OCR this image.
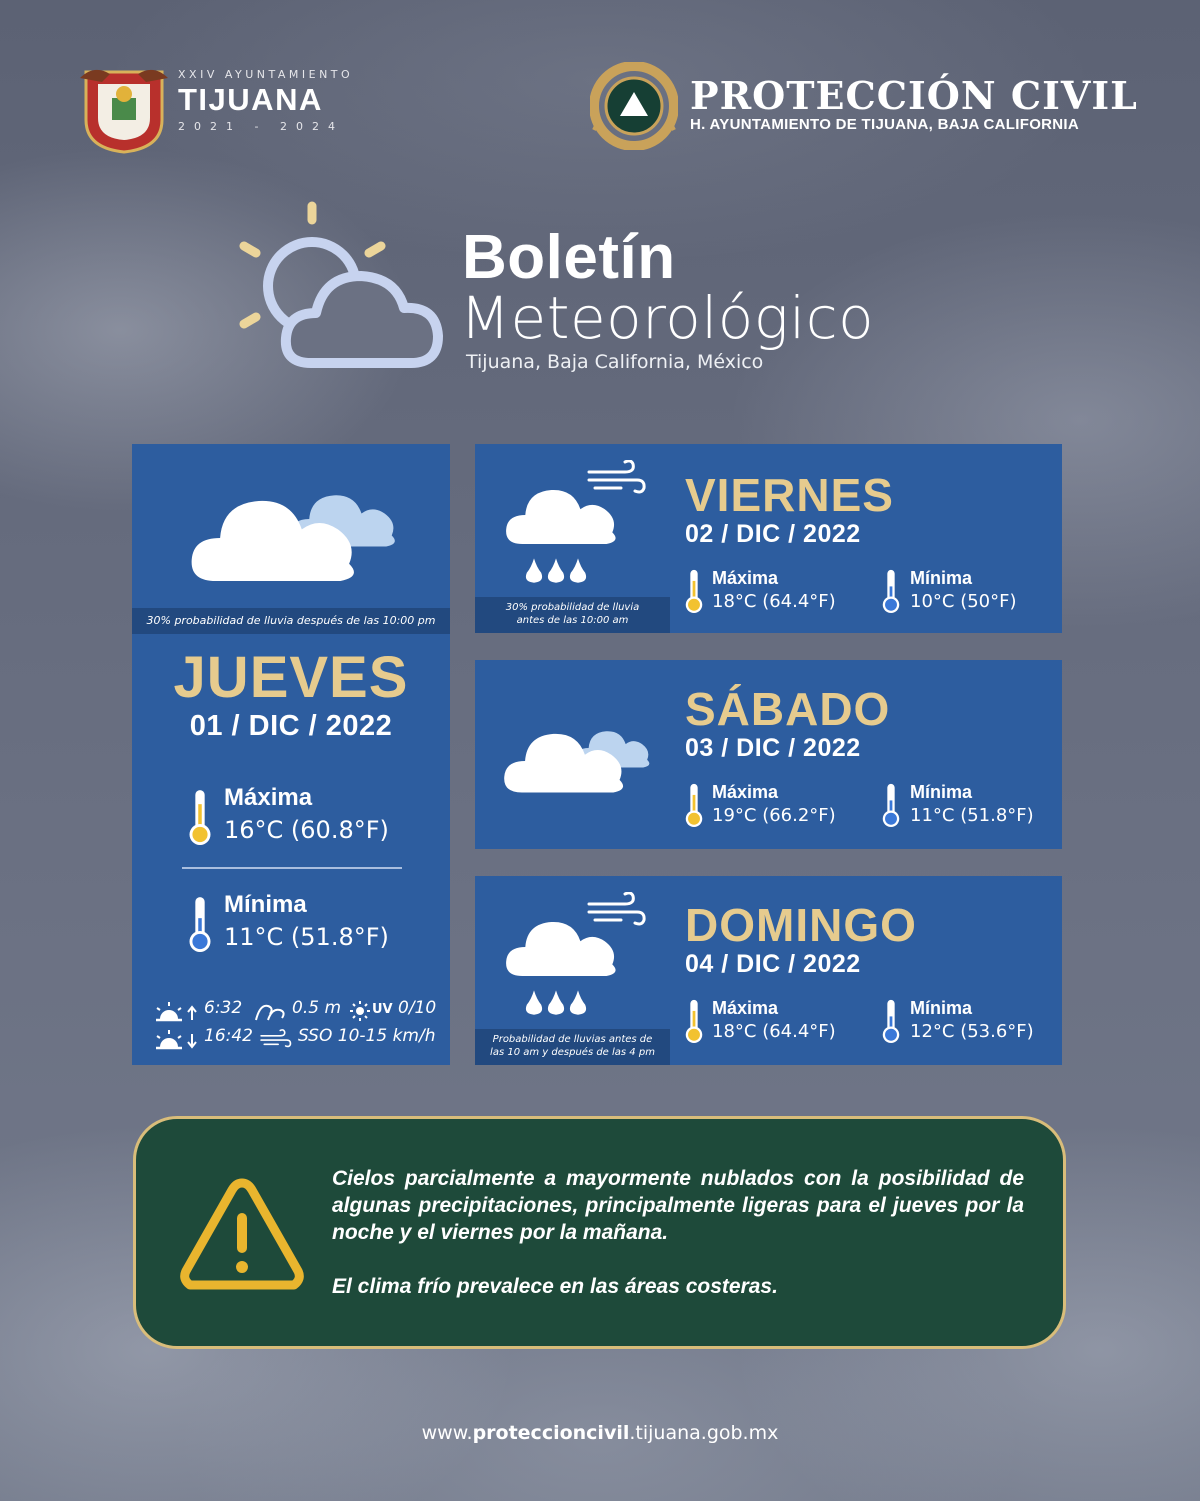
XXIV AYUNTAMIENTO
TIJUANA
2021 - 2024
PROTECCIÓN CIVIL
H. AYUNTAMIENTO DE TIJUANA, BAJA CALIFORNIA
Boletín
Meteorológico
Tijuana, Baja California, México
30% probabilidad de lluvia después de las 10:00 pm
JUEVES
01 / DIC / 2022
Máxima
16°C (60.8°F)
Mínima
11°C (51.8°F)
6:32	0.5 m UV 0/10
16:42	SSO 10-15 km/h
30% probabilidad de lluvia
antes de las 10:00 am
VIERNES
02 / DIC / 2022
Máxima
18°C (64.4°F)
Mínima
10°C (50°F)
SÁBADO
03 / DIC / 2022
Máxima
19°C (66.2°F)
Mínima
11°C (51.8°F)
Probabilidad de lluvias antes de
las 10 am y después de las 4 pm
DOMINGO
04 / DIC / 2022
Máxima
18°C (64.4°F)
Mínima
12°C (53.6°F)
Cielos parcialmente a mayormente nublados con la posibilidad de algunas precipitaciones, principalmente ligeras para el jueves por la noche y el viernes por la mañana.
El clima frío prevalece en las áreas costeras.
www.proteccioncivil.tijuana.gob.mx
